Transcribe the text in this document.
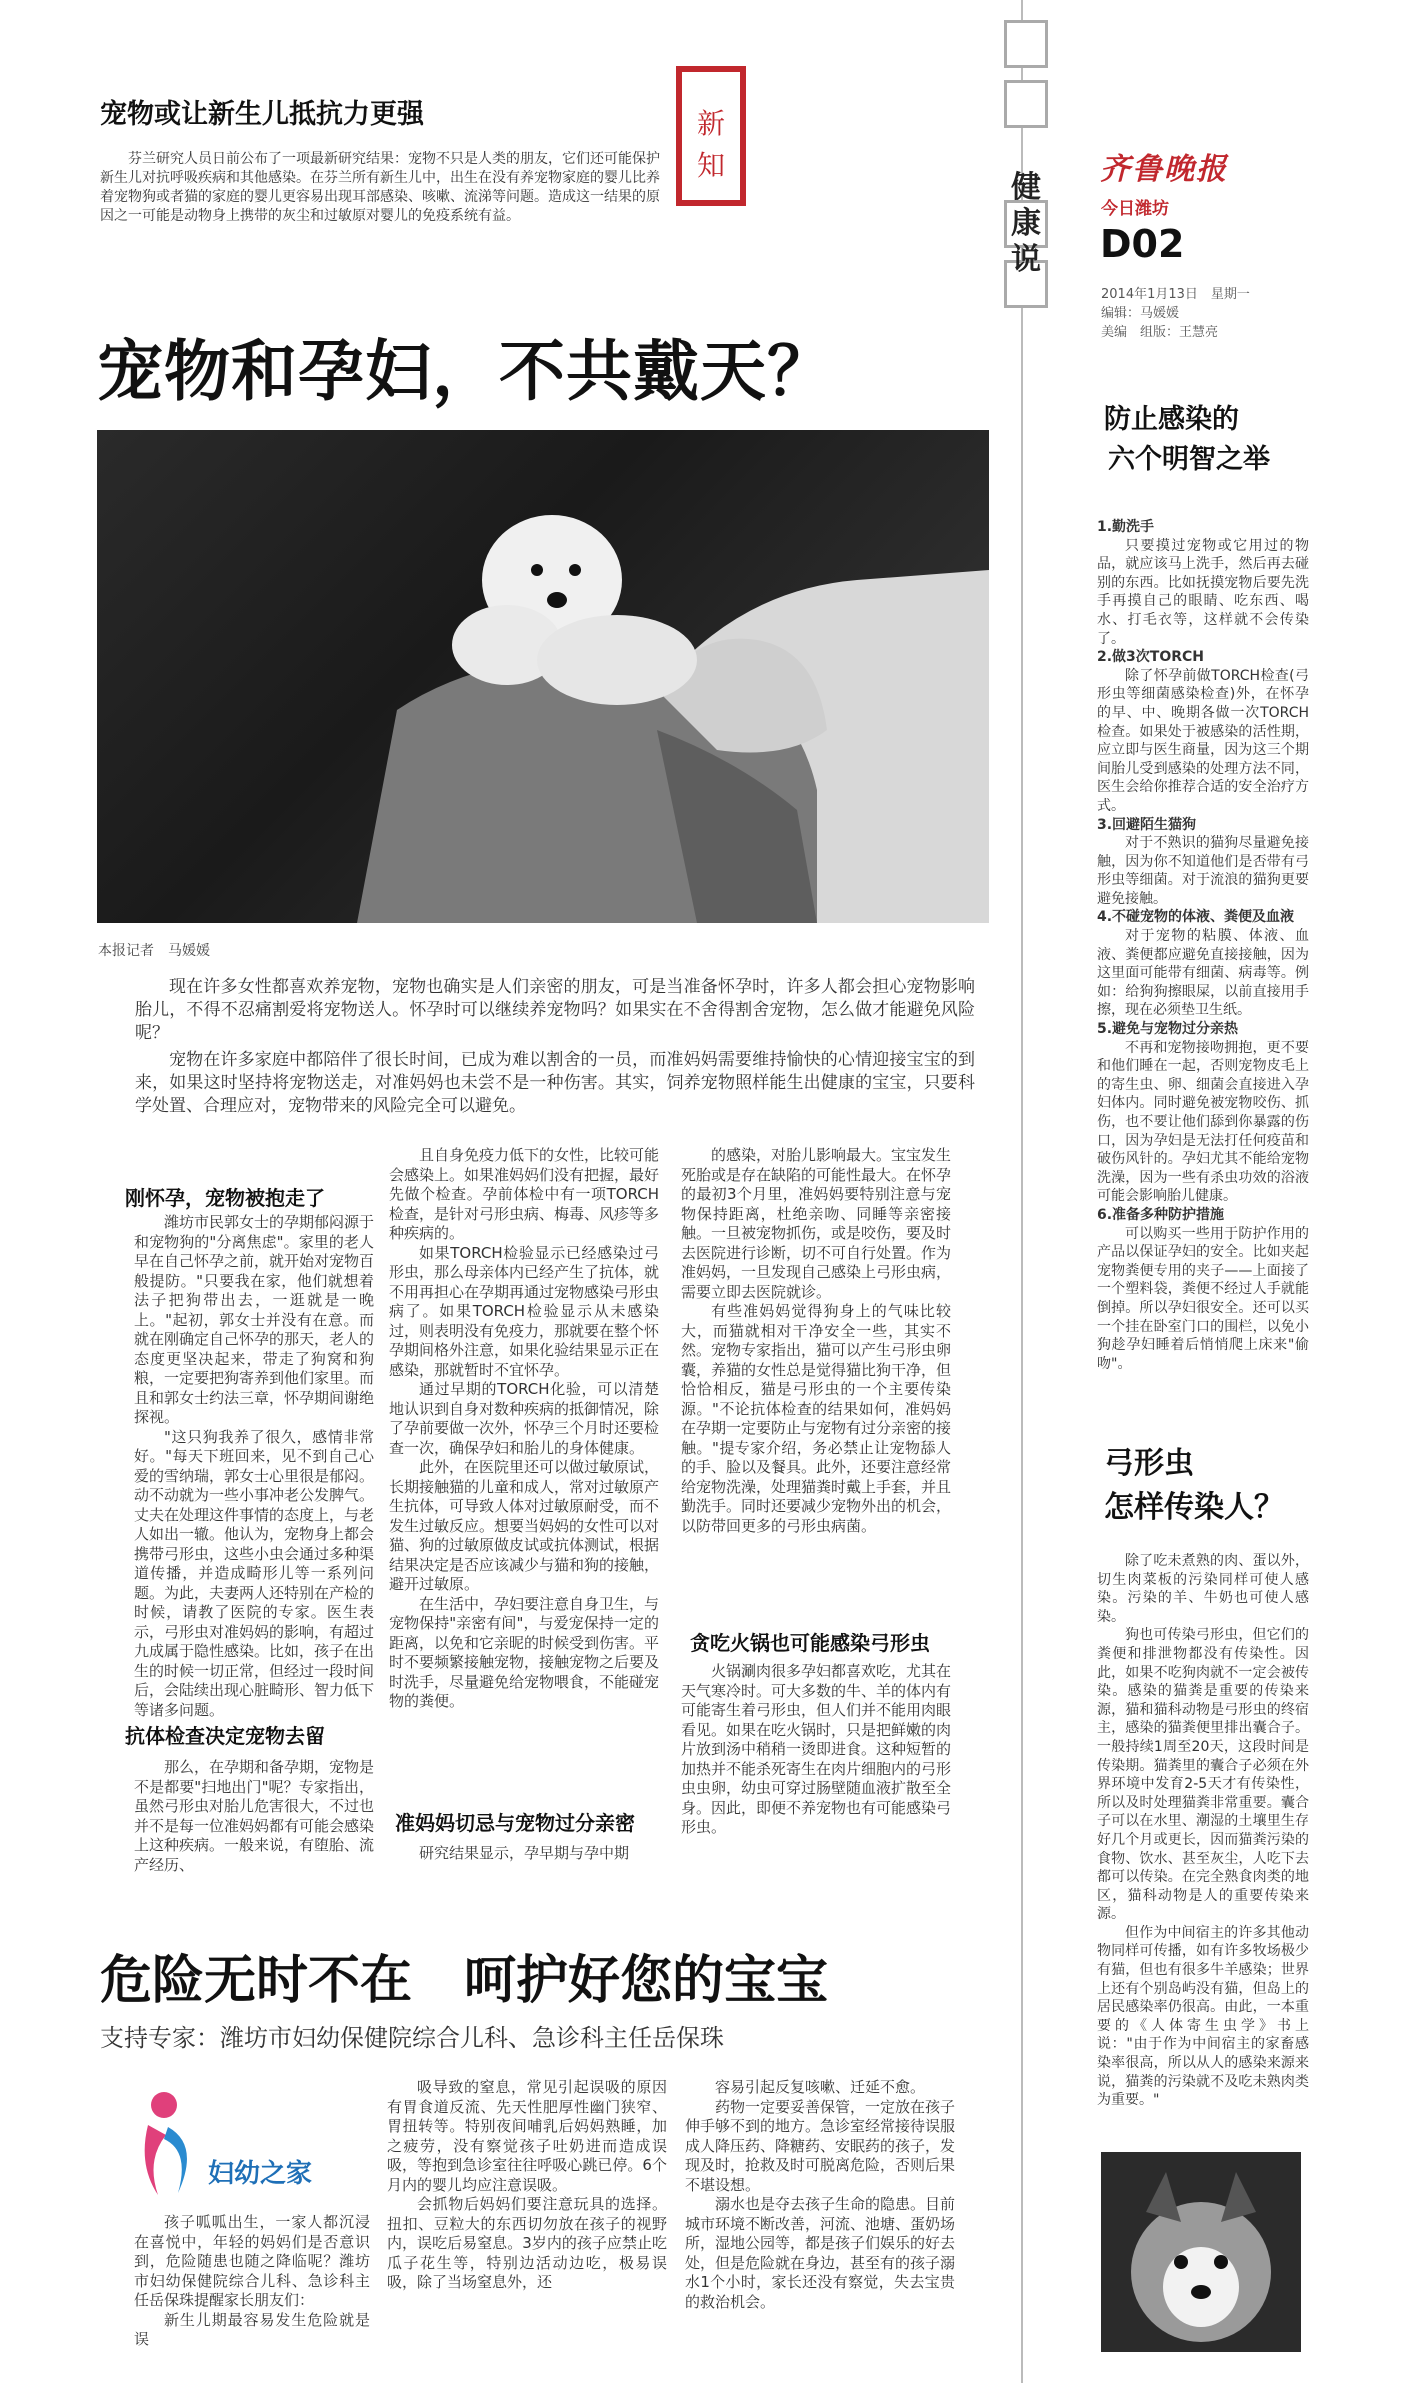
健
康
说
齐鲁晚报
今日潍坊
D02
2014年1月13日　星期一
编辑：马媛媛
美编　组版：王慧亮
宠物或让新生儿抵抗力更强	新
知

芬兰研究人员日前公布了一项最新研究结果：宠物不只是人类的朋友，它们还可能保护新生儿对抗呼吸疾病和其他感染。在芬兰所有新生儿中，出生在没有养宠物家庭的婴儿比养着宠物狗或者猫的家庭的婴儿更容易出现耳部感染、咳嗽、流涕等问题。造成这一结果的原因之一可能是动物身上携带的灰尘和过敏原对婴儿的免疫系统有益。

宠物和孕妇，不共戴天？
本报记者　马媛媛

现在许多女性都喜欢养宠物，宠物也确实是人们亲密的朋友，可是当准备怀孕时，许多人都会担心宠物影响胎儿，不得不忍痛割爱将宠物送人。怀孕时可以继续养宠物吗？如果实在不舍得割舍宠物，怎么做才能避免风险呢？

宠物在许多家庭中都陪伴了很长时间，已成为难以割舍的一员，而准妈妈需要维持愉快的心情迎接宝宝的到来，如果这时坚持将宠物送走，对准妈妈也未尝不是一种伤害。其实，饲养宠物照样能生出健康的宝宝，只要科学处置、合理应对，宠物带来的风险完全可以避免。

刚怀孕，宠物被抱走了

潍坊市民郭女士的孕期郁闷源于和宠物狗的"分离焦虑"。家里的老人早在自己怀孕之前，就开始对宠物百般提防。"只要我在家，他们就想着法子把狗带出去，一逛就是一晚上。"起初，郭女士并没有在意。而就在刚确定自己怀孕的那天，老人的态度更坚决起来，带走了狗窝和狗粮，一定要把狗寄养到他们家里。而且和郭女士约法三章，怀孕期间谢绝探视。

"这只狗我养了很久，感情非常好。"每天下班回来，见不到自己心爱的雪纳瑞，郭女士心里很是郁闷。动不动就为一些小事冲老公发脾气。丈夫在处理这件事情的态度上，与老人如出一辙。他认为，宠物身上都会携带弓形虫，这些小虫会通过多种渠道传播，并造成畸形儿等一系列问题。为此，夫妻两人还特别在产检的时候，请教了医院的专家。医生表示，弓形虫对准妈妈的影响，有超过九成属于隐性感染。比如，孩子在出生的时候一切正常，但经过一段时间后，会陆续出现心脏畸形、智力低下等诸多问题。

抗体检查决定宠物去留

那么，在孕期和备孕期，宠物是不是都要"扫地出门"呢？专家指出，虽然弓形虫对胎儿危害很大，不过也并不是每一位准妈妈都有可能会感染上这种疾病。一般来说，有堕胎、流产经历、

且自身免疫力低下的女性，比较可能会感染上。如果准妈妈们没有把握，最好先做个检查。孕前体检中有一项TORCH检查，是针对弓形虫病、梅毒、风疹等多种疾病的。

如果TORCH检验显示已经感染过弓形虫，那么母亲体内已经产生了抗体，就不用再担心在孕期再通过宠物感染弓形虫病了。如果TORCH检验显示从未感染过，则表明没有免疫力，那就要在整个怀孕期间格外注意，如果化验结果显示正在感染，那就暂时不宜怀孕。

通过早期的TORCH化验，可以清楚地认识到自身对数种疾病的抵御情况，除了孕前要做一次外，怀孕三个月时还要检查一次，确保孕妇和胎儿的身体健康。

此外，在医院里还可以做过敏原试，长期接触猫的儿童和成人，常对过敏原产生抗体，可导致人体对过敏原耐受，而不发生过敏反应。想要当妈妈的女性可以对猫、狗的过敏原做皮试或抗体测试，根据结果决定是否应该减少与猫和狗的接触，避开过敏原。

在生活中，孕妇要注意自身卫生，与宠物保持"亲密有间"，与爱宠保持一定的距离，以免和它亲昵的时候受到伤害。平时不要频繁接触宠物，接触宠物之后要及时洗手，尽量避免给宠物喂食，不能碰宠物的粪便。

准妈妈切忌与宠物过分亲密

研究结果显示，孕早期与孕中期

的感染，对胎儿影响最大。宝宝发生死胎或是存在缺陷的可能性最大。在怀孕的最初3个月里，准妈妈要特别注意与宠物保持距离，杜绝亲吻、同睡等亲密接触。一旦被宠物抓伤，或是咬伤，要及时去医院进行诊断，切不可自行处置。作为准妈妈，一旦发现自己感染上弓形虫病，需要立即去医院就诊。

有些准妈妈觉得狗身上的气味比较大，而猫就相对干净安全一些，其实不然。宠物专家指出，猫可以产生弓形虫卵囊，养猫的女性总是觉得猫比狗干净，但恰恰相反，猫是弓形虫的一个主要传染源。"不论抗体检查的结果如何，准妈妈在孕期一定要防止与宠物有过分亲密的接触。"提专家介绍，务必禁止让宠物舔人的手、脸以及餐具。此外，还要注意经常给宠物洗澡，处理猫粪时戴上手套，并且勤洗手。同时还要减少宠物外出的机会，以防带回更多的弓形虫病菌。

贪吃火锅也可能感染弓形虫

火锅涮肉很多孕妇都喜欢吃，尤其在天气寒冷时。可大多数的牛、羊的体内有可能寄生着弓形虫，但人们并不能用肉眼看见。如果在吃火锅时，只是把鲜嫩的肉片放到汤中稍稍一烫即进食。这种短暂的加热并不能杀死寄生在肉片细胞内的弓形虫虫卵，幼虫可穿过肠壁随血液扩散至全身。因此，即便不养宠物也有可能感染弓形虫。

防止感染的
六个明智之举
1.勤洗手

只要摸过宠物或它用过的物品，就应该马上洗手，然后再去碰别的东西。比如抚摸宠物后要先洗手再摸自己的眼睛、吃东西、喝水、打毛衣等，这样就不会传染了。

2.做3次TORCH

除了怀孕前做TORCH检查(弓形虫等细菌感染检查)外，在怀孕的早、中、晚期各做一次TORCH检查。如果处于被感染的活性期，应立即与医生商量，因为这三个期间胎儿受到感染的处理方法不同，医生会给你推荐合适的安全治疗方式。

3.回避陌生猫狗

对于不熟识的猫狗尽量避免接触，因为你不知道他们是否带有弓形虫等细菌。对于流浪的猫狗更要避免接触。

4.不碰宠物的体液、粪便及血液

对于宠物的粘膜、体液、血液、粪便都应避免直接接触，因为这里面可能带有细菌、病毒等。例如：给狗狗擦眼屎，以前直接用手擦，现在必须垫卫生纸。

5.避免与宠物过分亲热

不再和宠物接吻拥抱，更不要和他们睡在一起，否则宠物皮毛上的寄生虫、卵、细菌会直接进入孕妇体内。同时避免被宠物咬伤、抓伤，也不要让他们舔到你暴露的伤口，因为孕妇是无法打任何疫苗和破伤风针的。孕妇尤其不能给宠物洗澡，因为一些有杀虫功效的浴液可能会影响胎儿健康。

6.准备多种防护措施

可以购买一些用于防护作用的产品以保证孕妇的安全。比如夹起宠物粪便专用的夹子——上面接了一个塑料袋，粪便不经过人手就能倒掉。所以孕妇很安全。还可以买一个挂在卧室门口的围栏，以免小狗趁孕妇睡着后悄悄爬上床来"偷吻"。

弓形虫
怎样传染人？

除了吃未煮熟的肉、蛋以外，切生肉菜板的污染同样可使人感染。污染的羊、牛奶也可使人感染。

狗也可传染弓形虫，但它们的粪便和排泄物都没有传染性。因此，如果不吃狗肉就不一定会被传染。感染的猫粪是重要的传染来源，猫和猫科动物是弓形虫的终宿主，感染的猫粪便里排出囊合子。一般持续1周至20天，这段时间是传染期。猫粪里的囊合子必须在外界环境中发育2-5天才有传染性，所以及时处理猫粪非常重要。囊合子可以在水里、潮湿的土壤里生存好几个月或更长，因而猫粪污染的食物、饮水、甚至灰尘，人吃下去都可以传染。在完全熟食肉类的地区，猫科动物是人的重要传染来源。

但作为中间宿主的许多其他动物同样可传播，如有许多牧场极少有猫，但也有很多牛羊感染；世界上还有个别岛屿没有猫，但岛上的居民感染率仍很高。由此，一本重要的《人体寄生虫学》书上说："由于作为中间宿主的家畜感染率很高，所以从人的感染来源来说，猫粪的污染就不及吃未熟肉类为重要。"

危险无时不在　呵护好您的宝宝
支持专家：潍坊市妇幼保健院综合儿科、急诊科主任岳保珠
妇幼之家

孩子呱呱出生，一家人都沉浸在喜悦中，年轻的妈妈们是否意识到，危险随患也随之降临呢？潍坊市妇幼保健院综合儿科、急诊科主任岳保珠提醒家长朋友们：

新生儿期最容易发生危险就是误

吸导致的窒息，常见引起误吸的原因有胃食道反流、先天性肥厚性幽门狭窄、胃扭转等。特别夜间哺乳后妈妈熟睡，加之疲劳，没有察觉孩子吐奶进而造成误吸，等抱到急诊室往往呼吸心跳已停。6个月内的婴儿均应注意误吸。

会抓物后妈妈们要注意玩具的选择。扭扣、豆粒大的东西切勿放在孩子的视野内，误吃后易窒息。3岁内的孩子应禁止吃瓜子花生等，特别边活动边吃，极易误吸，除了当场窒息外，还

容易引起反复咳嗽、迁延不愈。

药物一定要妥善保管，一定放在孩子伸手够不到的地方。急诊室经常接待误服成人降压药、降糖药、安眠药的孩子，发现及时，抢救及时可脱离危险，否则后果不堪设想。

溺水也是夺去孩子生命的隐患。目前城市环境不断改善，河流、池塘、蛋奶场所，湿地公园等，都是孩子们娱乐的好去处，但是危险就在身边，甚至有的孩子溺水1个小时，家长还没有察觉，失去宝贵的救治机会。
